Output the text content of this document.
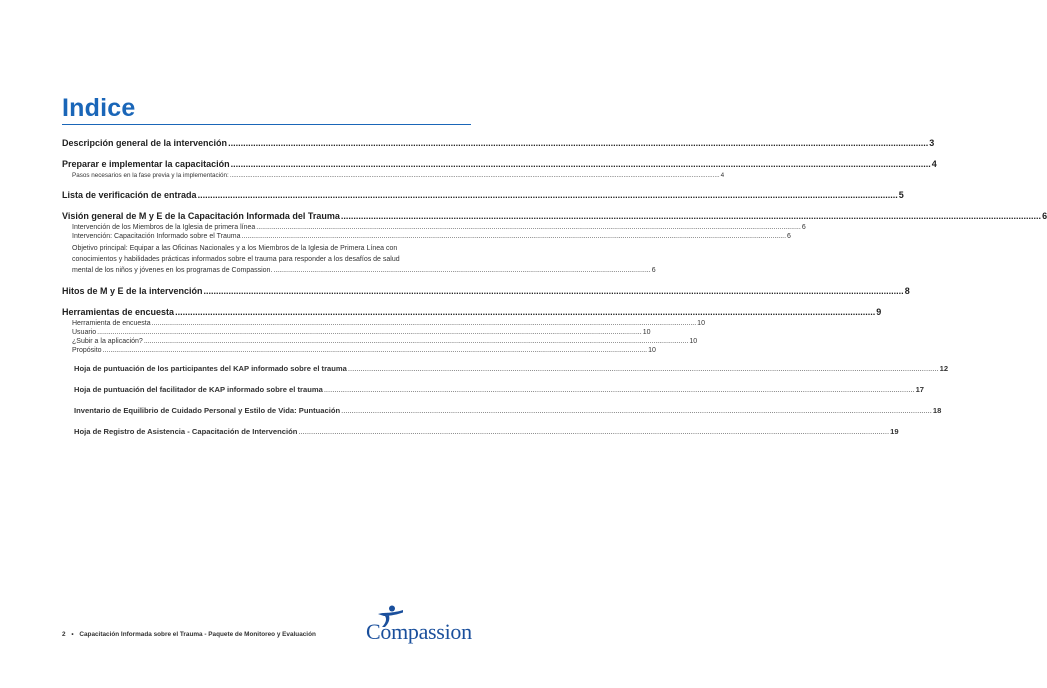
Indice
Descripción general de la intervención .....	3
Preparar e implementar la capacitación .....	4
Pasos necesarios en la fase previa y la implementación: .....	4
Lista de verificación de entrada .....	5
Visión general de M y E de la Capacitación Informada del Trauma .....	6
Intervención de los Miembros de la Iglesia de primera línea .....	6
Intervención: Capacitación Informado sobre el Trauma .....	6
Objetivo principal: Equipar a las Oficinas Nacionales y a los Miembros de la Iglesia de Primera Línea con
conocimientos y habilidades prácticas informados sobre el trauma para responder a los desafíos de salud
mental de los niños y jóvenes en los programas de Compassion. .....	6
Hitos de M y E de la intervención .....	8
Herramientas de encuesta .....	9
Herramienta de encuesta .....	10
Usuario .....	10
¿Subir a la aplicación? .....	10
Propósito .....	10
Hoja de puntuación de los participantes del KAP informado sobre el trauma .....	12
Hoja de puntuación del facilitador de KAP informado sobre el trauma .....	17
Inventario de Equilibrio de Cuidado Personal y Estilo de Vida: Puntuación .....	18
Hoja de Registro de Asistencia - Capacitación de Intervención .....	19
2 • Capacitación Informada sobre el Trauma - Paquete de Monitoreo y Evaluación Compassion
